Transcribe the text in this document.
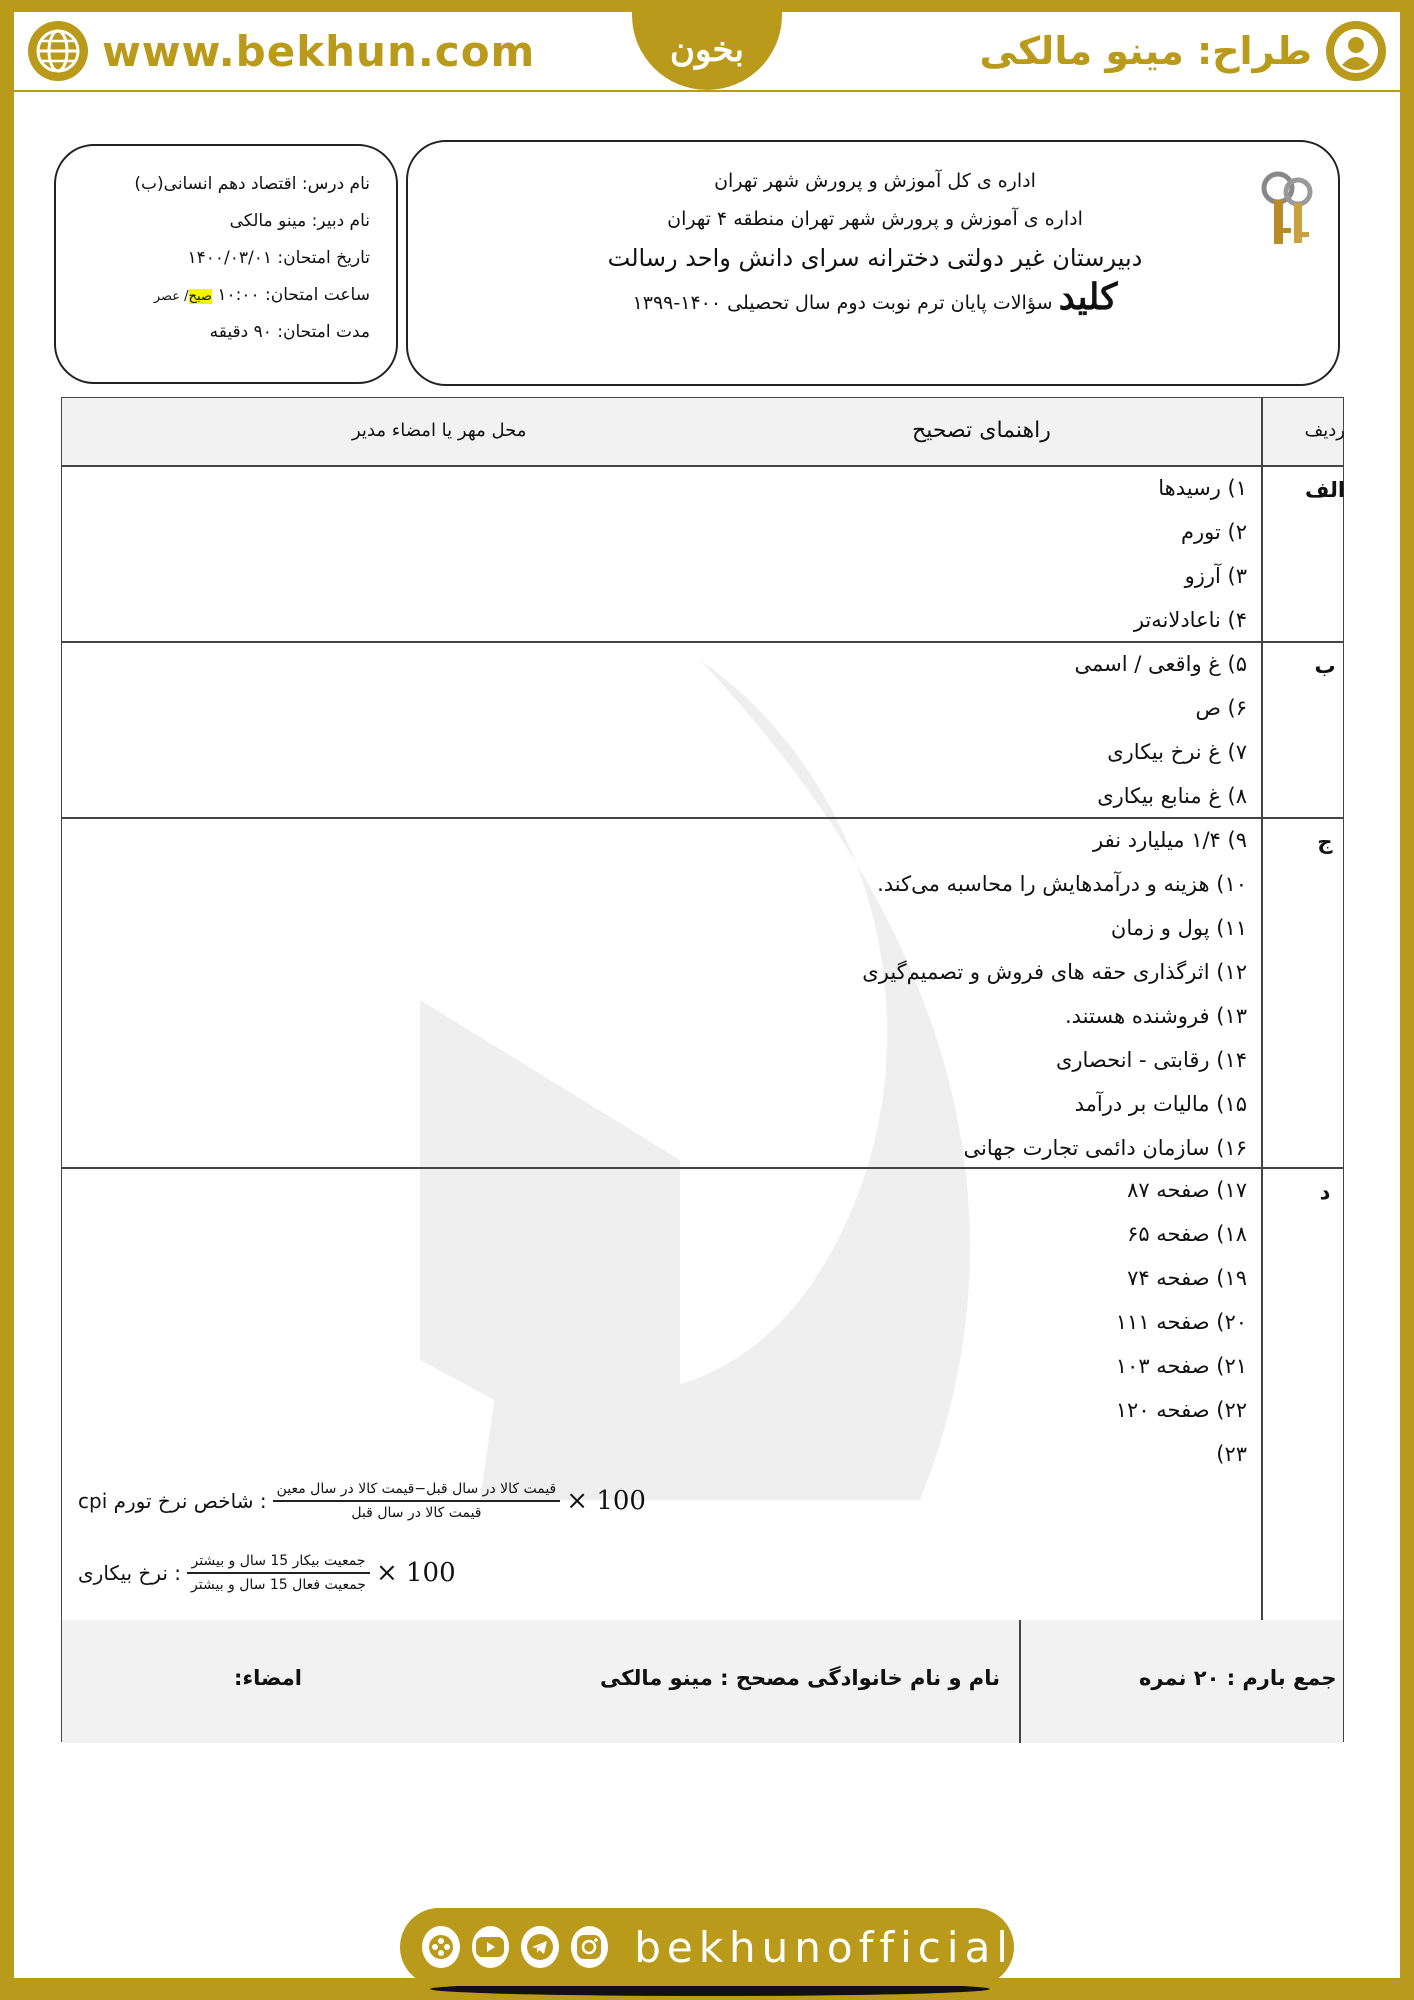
www.bekhun.com	بخون	طراح: مینو مالکی
نام درس: اقتصاد دهم انسانی(ب)
نام دبیر: مینو مالکی
تاریخ امتحان: ۱۴۰۰/۰۳/۰۱
ساعت امتحان: ۱۰:۰۰ صبح/ عصر
مدت امتحان: ۹۰ دقیقه
اداره ی کل آموزش و پرورش شهر تهران
اداره ی آموزش و پرورش شهر تهران منطقه ۴ تهران
دبیرستان غیر دولتی دخترانه سرای دانش واحد رسالت
کلید سؤالات پایان ترم نوبت دوم سال تحصیلی ۱۴۰۰-۱۳۹۹
ردیف
راهنمای تصحیح
محل مهر یا امضاء مدیر
الف
۱) رسیدها
۲) تورم
۳) آرزو
۴) ناعادلانه‌تر
ب
۵) غ واقعی / اسمی
۶) ص
۷) غ نرخ بیکاری
۸) غ منابع بیکاری
ج
۹) ۱/۴ میلیارد نفر
۱۰) هزینه و درآمدهایش را محاسبه می‌کند.
۱۱) پول و زمان
۱۲) اثرگذاری حقه های فروش و تصمیم‌گیری
۱۳) فروشنده هستند.
۱۴) رقابتی - انحصاری
۱۵) مالیات بر درآمد
۱۶) سازمان دائمی تجارت جهانی
د
۱۷) صفحه ۸۷
۱۸) صفحه ۶۵
۱۹) صفحه ۷۴
۲۰) صفحه ۱۱۱
۲۱) صفحه ۱۰۳
۲۲) صفحه ۱۲۰
۲۳)
: شاخص نرخ تورم cpi $\frac{\text{قیمت کالا در سال قبل−قیمت کالا در سال معین}}{\text{قیمت کالا در سال قبل}} \times 100$
: نرخ بیکاری $\frac{\text{جمعیت بیکار 15 سال و بیشتر}}{\text{جمعیت فعال 15 سال و بیشتر}} \times 100$
جمع بارم : ۲۰ نمره
نام و نام خانوادگی مصحح : مینو مالکی
امضاء:
bekhunofficial
